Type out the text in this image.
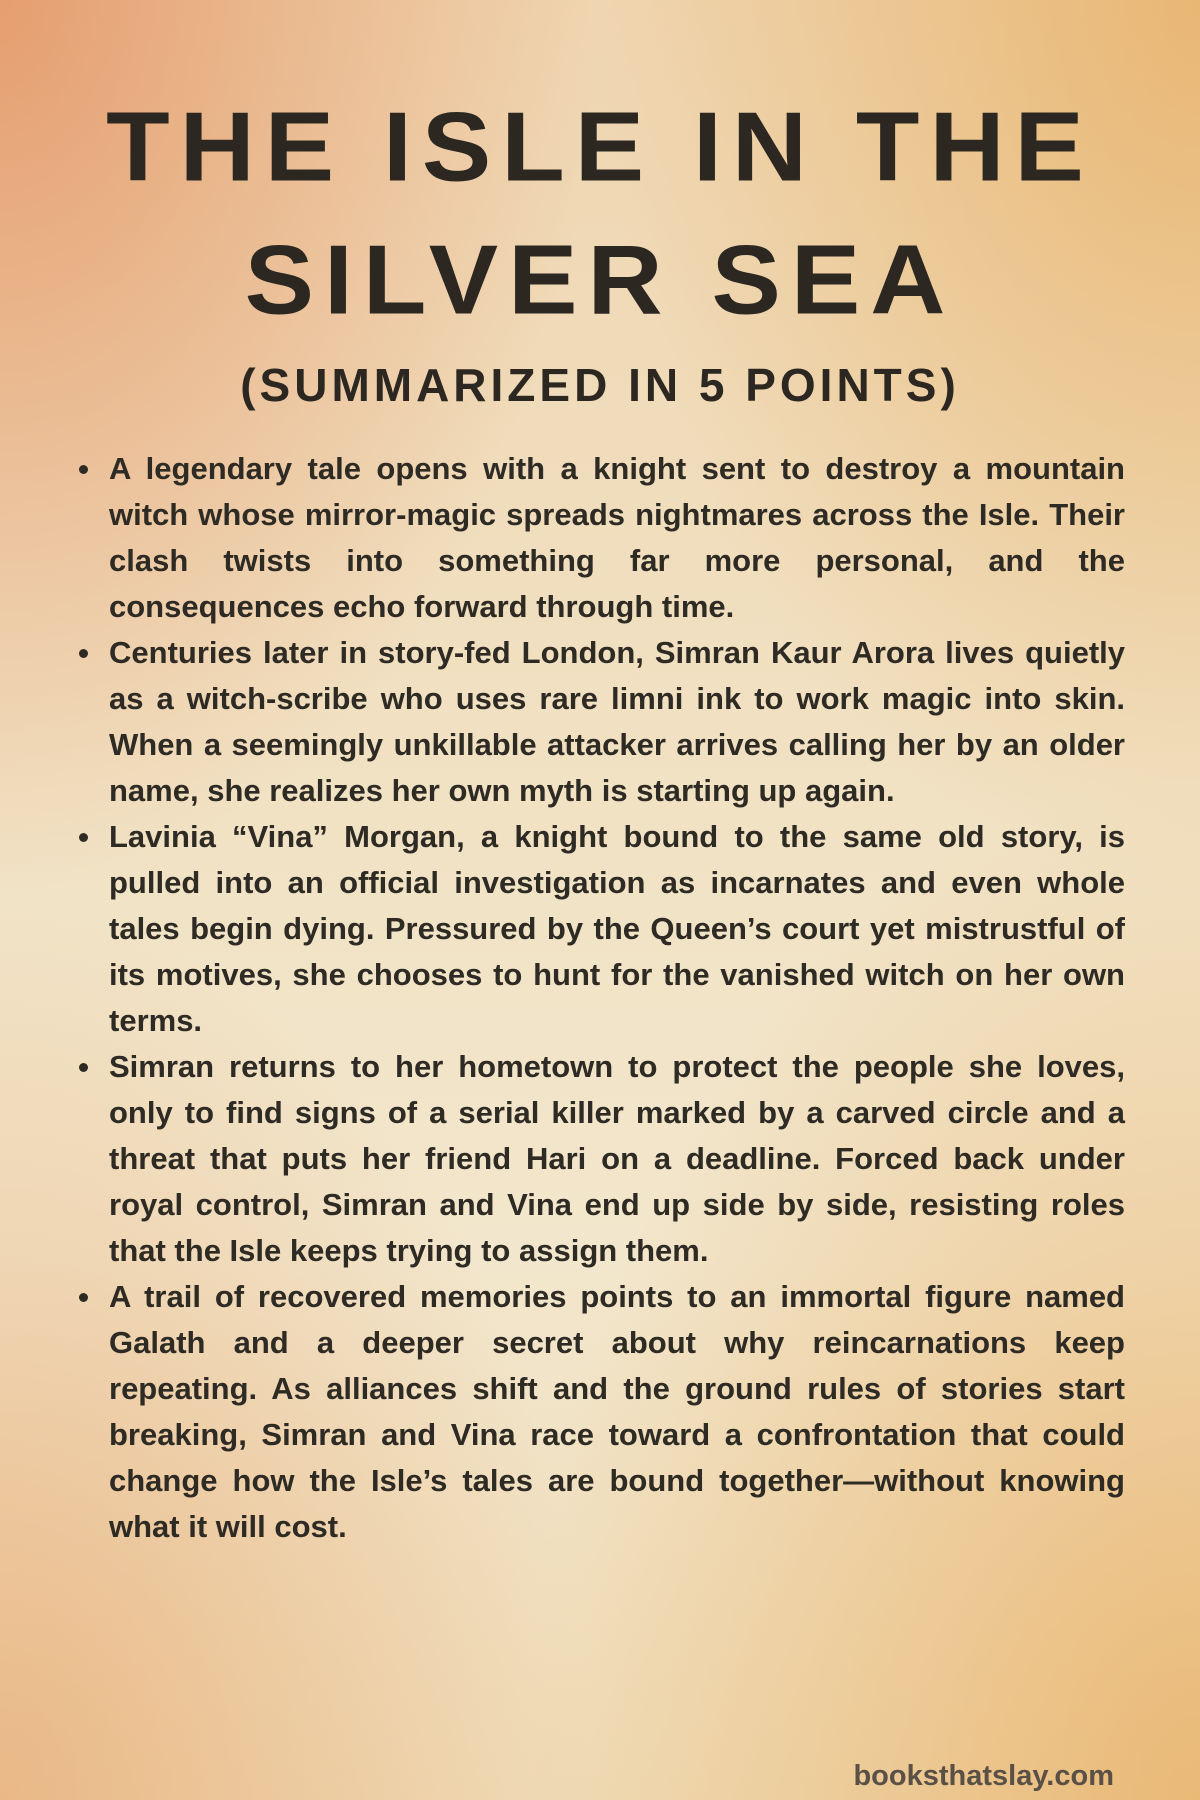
THE ISLE IN THE
SILVER SEA
(SUMMARIZED IN 5 POINTS)
A legendary tale opens with a knight sent to destroy a mountain witch whose mirror-magic spreads nightmares across the Isle. Their clash twists into something far more personal, and the consequences echo forward through time.
Centuries later in story-fed London, Simran Kaur Arora lives quietly as a witch-scribe who uses rare limni ink to work magic into skin. When a seemingly unkillable attacker arrives calling her by an older name, she realizes her own myth is starting up again.
Lavinia “Vina” Morgan, a knight bound to the same old story, is pulled into an official investigation as incarnates and even whole tales begin dying. Pressured by the Queen’s court yet mistrustful of its motives, she chooses to hunt for the vanished witch on her own terms.
Simran returns to her hometown to protect the people she loves, only to find signs of a serial killer marked by a carved circle and a threat that puts her friend Hari on a deadline. Forced back under royal control, Simran and Vina end up side by side, resisting roles that the Isle keeps trying to assign them.
A trail of recovered memories points to an immortal figure named Galath and a deeper secret about why reincarnations keep repeating. As alliances shift and the ground rules of stories start breaking, Simran and Vina race toward a confrontation that could change how the Isle’s tales are bound together—without knowing what it will cost.
booksthatslay.com
